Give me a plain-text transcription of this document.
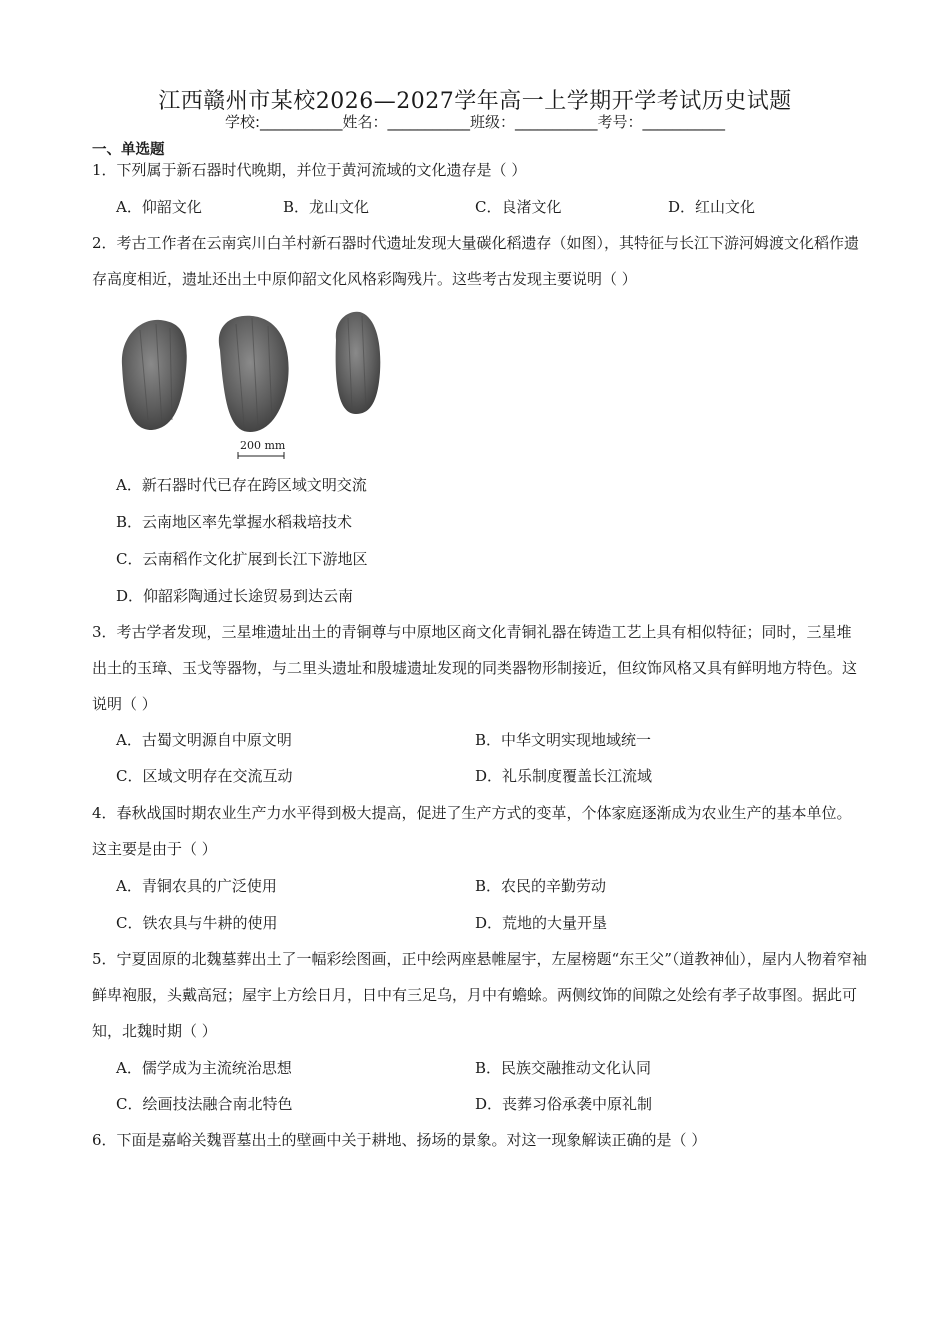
江西赣州市某校2026—2027学年高一上学期开学考试历史试题
学校:___________姓名：___________班级：___________考号：___________
一、单选题
1．下列属于新石器时代晚期，并位于黄河流域的文化遗存是（ ）
A．仰韶文化	B．龙山文化	C．良渚文化	D．红山文化
2．考古工作者在云南宾川白羊村新石器时代遗址发现大量碳化稻遗存（如图），其特征与长江下游河姆渡文化稻作遗存高度相近，遗址还出土中原仰韶文化风格彩陶残片。这些考古发现主要说明（ ）
200 mm
A．新石器时代已存在跨区域文明交流
B．云南地区率先掌握水稻栽培技术
C．云南稻作文化扩展到长江下游地区
D．仰韶彩陶通过长途贸易到达云南
3．考古学者发现，三星堆遗址出土的青铜尊与中原地区商文化青铜礼器在铸造工艺上具有相似特征；同时，三星堆出土的玉璋、玉戈等器物，与二里头遗址和殷墟遗址发现的同类器物形制接近，但纹饰风格又具有鲜明地方特色。这说明（ ）
A．古蜀文明源自中原文明	B．中华文明实现地域统一
C．区域文明存在交流互动	D．礼乐制度覆盖长江流域
4．春秋战国时期农业生产力水平得到极大提高，促进了生产方式的变革，个体家庭逐渐成为农业生产的基本单位。这主要是由于（ ）
A．青铜农具的广泛使用	B．农民的辛勤劳动
C．铁农具与牛耕的使用	D．荒地的大量开垦
5．宁夏固原的北魏墓葬出土了一幅彩绘图画，正中绘两座悬帷屋宇，左屋榜题“东王父”（道教神仙），屋内人物着窄袖鲜卑袍服，头戴高冠；屋宇上方绘日月，日中有三足乌，月中有蟾蜍。两侧纹饰的间隙之处绘有孝子故事图。据此可知，北魏时期（ ）
A．儒学成为主流统治思想	B．民族交融推动文化认同
C．绘画技法融合南北特色	D．丧葬习俗承袭中原礼制
6．下面是嘉峪关魏晋墓出土的壁画中关于耕地、扬场的景象。对这一现象解读正确的是（ ）
